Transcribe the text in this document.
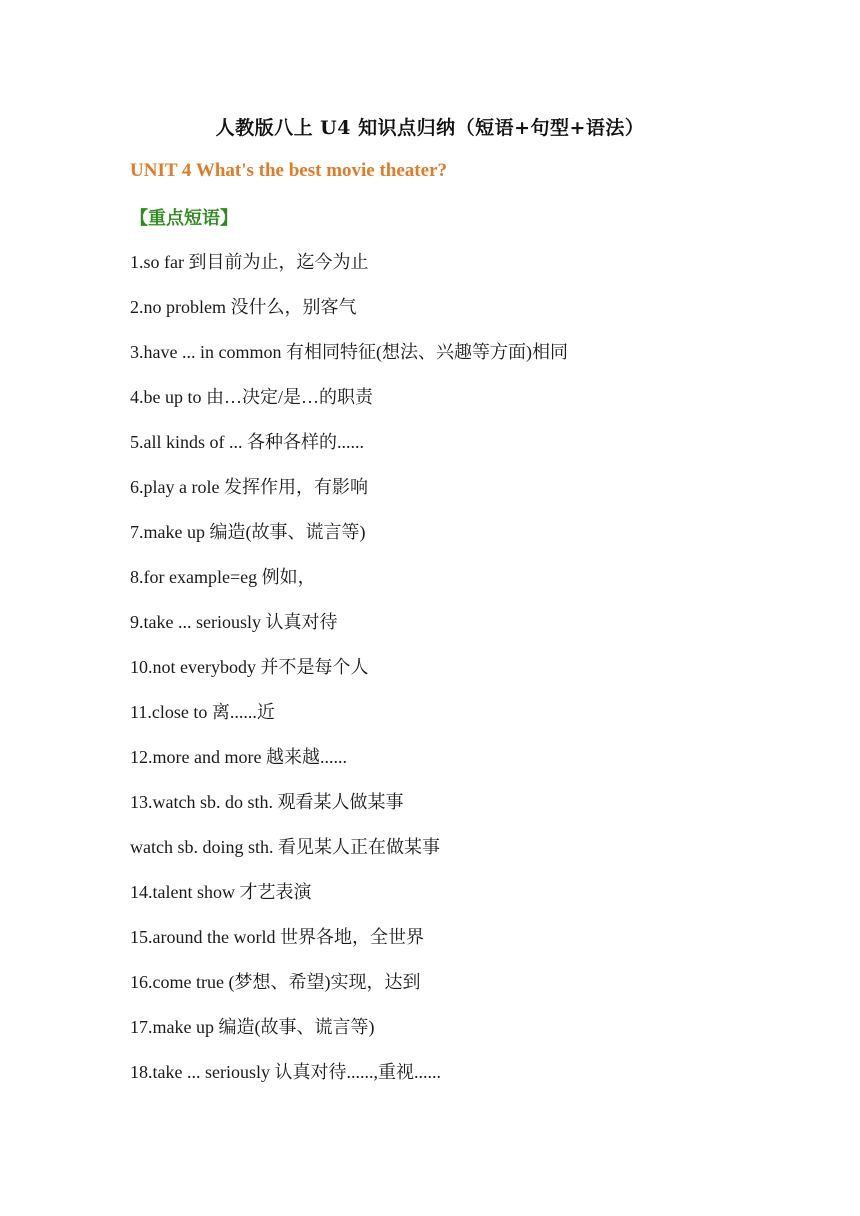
人教版八上 U4 知识点归纳（短语+句型+语法）
UNIT 4 What's the best movie theater?
【重点短语】
1.so far 到目前为止，迄今为止
2.no problem 没什么，别客气
3.have ... in common 有相同特征(想法、兴趣等方面)相同
4.be up to 由…决定/是…的职责
5.all kinds of ... 各种各样的......
6.play a role 发挥作用，有影响
7.make up 编造(故事、谎言等)
8.for example=eg 例如，
9.take ... seriously 认真对待
10.not everybody 并不是每个人
11.close to 离......近
12.more and more 越来越......
13.watch sb. do sth. 观看某人做某事
watch sb. doing sth. 看见某人正在做某事
14.talent show 才艺表演
15.around the world 世界各地，全世界
16.come true (梦想、希望)实现，达到
17.make up 编造(故事、谎言等)
18.take ... seriously 认真对待......,重视......
